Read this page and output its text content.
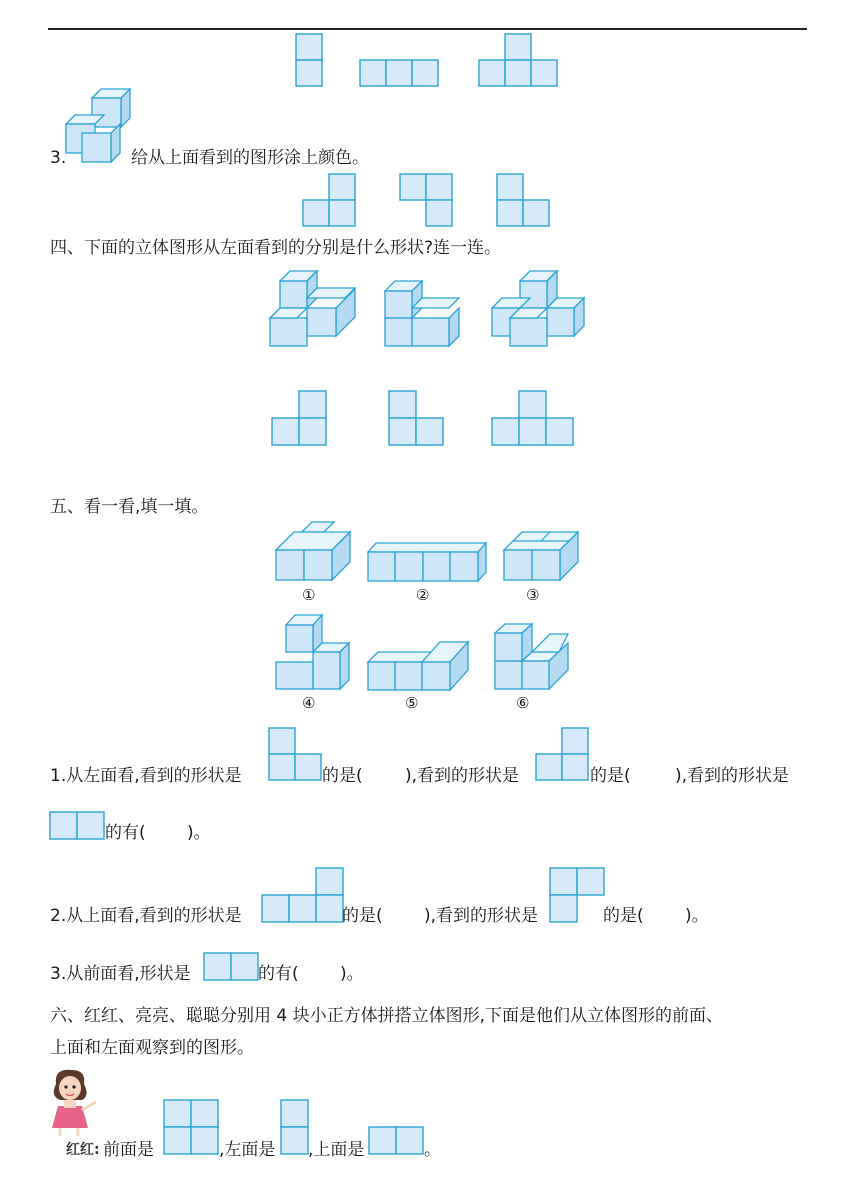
3.	给从上面看到的图形涂上颜色。
四、下面的立体图形从左面看到的分别是什么形状?连一连。
五、看一看,填一填。
①	②	③
④	⑤	⑥
1.从左面看,看到的形状是	的是( ),看到的形状是	的是(	),看到的形状是
的有( )。
2.从上面看,看到的形状是	的是( ),看到的形状是	的是( )。
3.从前面看,形状是	的有( )。
六、红红、亮亮、聪聪分别用 4 块小正方体拼搭立体图形,下面是他们从立体图形的前面、
上面和左面观察到的图形。
红红: 前面是	,左面是 ,上面是	。
